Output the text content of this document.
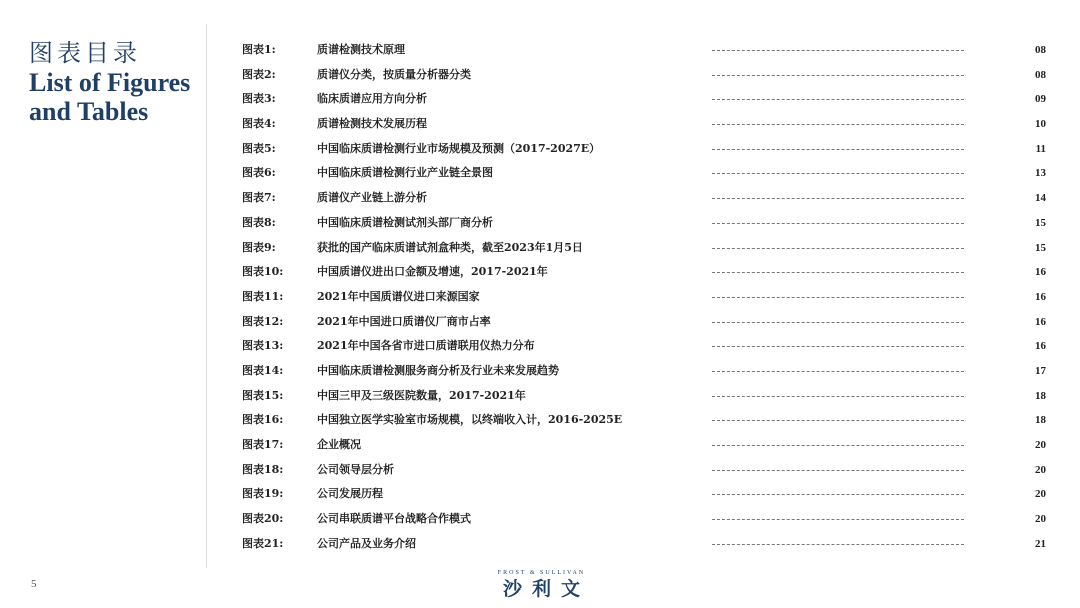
图表目录
List of Figures
and Tables
图表1:	质谱检测技术原理	08
图表2:	质谱仪分类，按质量分析器分类	08
图表3:	临床质谱应用方向分析	09
图表4:	质谱检测技术发展历程	10
图表5:	中国临床质谱检测行业市场规模及预测（2017-2027E）	11
图表6:	中国临床质谱检测行业产业链全景图	13
图表7:	质谱仪产业链上游分析	14
图表8:	中国临床质谱检测试剂头部厂商分析	15
图表9:	获批的国产临床质谱试剂盒种类，截至2023年1月5日	15
图表10:	中国质谱仪进出口金额及增速，2017-2021年	16
图表11:	2021年中国质谱仪进口来源国家	16
图表12:	2021年中国进口质谱仪厂商市占率	16
图表13:	2021年中国各省市进口质谱联用仪热力分布	16
图表14:	中国临床质谱检测服务商分析及行业未来发展趋势	17
图表15:	中国三甲及三级医院数量，2017-2021年	18
图表16:	中国独立医学实验室市场规模，以终端收入计，2016-2025E	18
图表17:	企业概况	20
图表18:	公司领导层分析	20
图表19:	公司发展历程	20
图表20:	公司串联质谱平台战略合作模式	20
图表21:	公司产品及业务介绍	21
5
FROST & SULLIVAN
沙利文
